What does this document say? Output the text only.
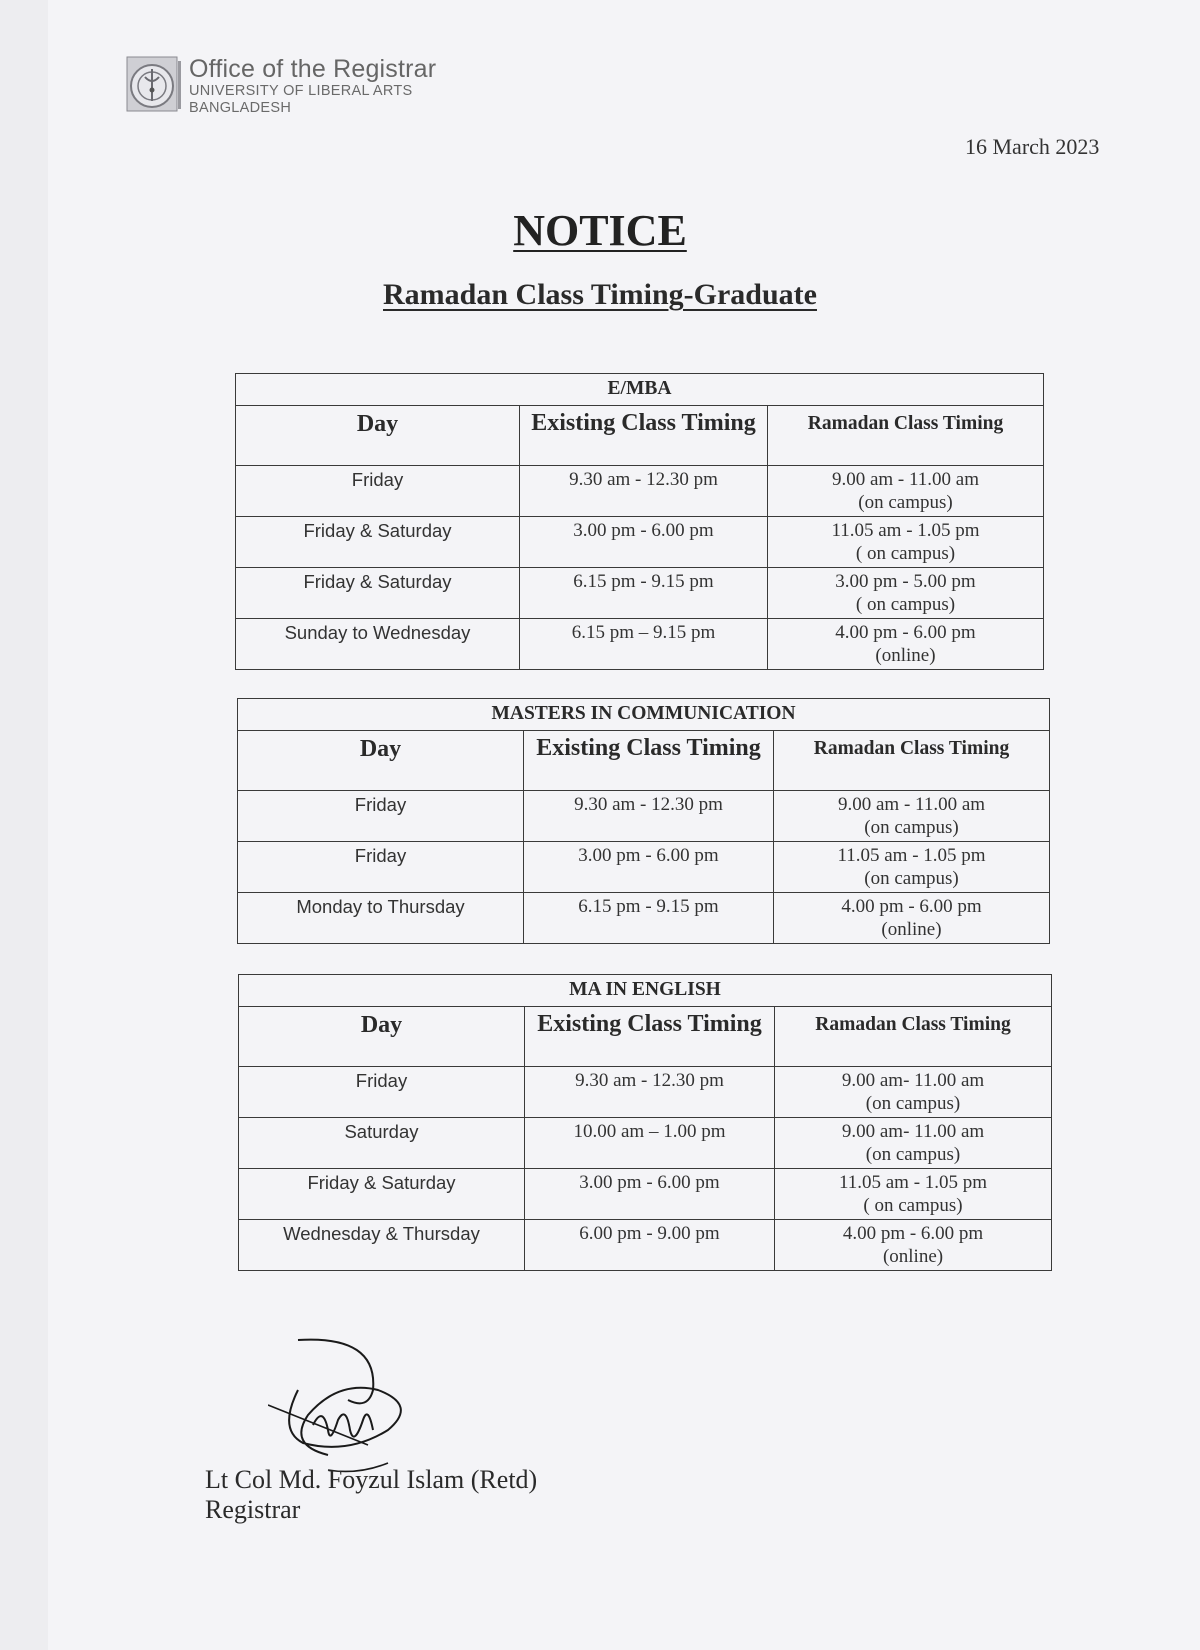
Office of the Registrar
UNIVERSITY OF LIBERAL ARTS
BANGLADESH
16 March 2023
NOTICE
Ramadan Class Timing-Graduate
E/MBA		
Day	Existing Class Timing	Ramadan Class Timing
Friday	9.30 am - 12.30 pm	9.00 am - 11.00 am
(on campus)

Friday & Saturday	3.00 pm - 6.00 pm	11.05 am - 1.05 pm
( on campus)

Friday & Saturday	6.15 pm - 9.15 pm	3.00 pm - 5.00 pm
( on campus)

Sunday to Wednesday	6.15 pm – 9.15 pm	4.00 pm - 6.00 pm
(online)
MASTERS IN COMMUNICATION		
Day	Existing Class Timing	Ramadan Class Timing
Friday	9.30 am - 12.30 pm	9.00 am - 11.00 am
(on campus)

Friday	3.00 pm - 6.00 pm	11.05 am - 1.05 pm
(on campus)

Monday to Thursday	6.15 pm - 9.15 pm	4.00 pm - 6.00 pm
(online)
MA IN ENGLISH		
Day	Existing Class Timing	Ramadan Class Timing
Friday	9.30 am - 12.30 pm	9.00 am- 11.00 am
(on campus)

Saturday	10.00 am – 1.00 pm	9.00 am- 11.00 am
(on campus)

Friday & Saturday	3.00 pm - 6.00 pm	11.05 am - 1.05 pm
( on campus)

Wednesday & Thursday	6.00 pm - 9.00 pm	4.00 pm - 6.00 pm
(online)
Lt Col Md. Foyzul Islam (Retd)
Registrar
